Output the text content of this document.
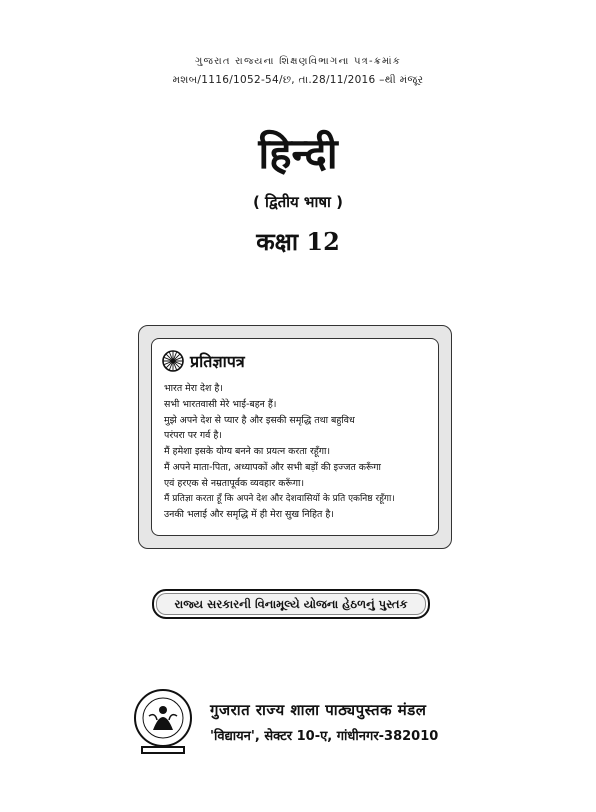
ગુજરાત રાજ્યના શિક્ષણવિભાગના પત્ર-ક્રમાંક
મશબ/1116/1052-54/છ, તા.28/11/2016 –થી મંજૂર
हिन्दी
( द्वितीय भाषा )
कक्षा 12
प्रतिज्ञापत्र
भारत मेरा देश है।
सभी भारतवासी मेरे भाई-बहन हैं।
मुझे अपने देश से प्यार है और इसकी समृद्धि तथा बहुविध
परंपरा पर गर्व है।
मैं हमेशा इसके योग्य बनने का प्रयत्न करता रहूँगा।
मैं अपने माता-पिता, अध्यापकों और सभी बड़ों की इज्जत करूँगा
एवं हरएक से नम्रतापूर्वक व्यवहार करूँगा।
मैं प्रतिज्ञा करता हूँ कि अपने देश और देशवासियों के प्रति एकनिष्ठ रहूँगा।
उनकी भलाई और समृद्धि में ही मेरा सुख निहित है।
રાજ્ય સરકારની વિનામૂલ્યે યોજના હેઠળનું પુસ્તક
गुजरात राज्य शाला पाठ्यपुस्तक मंडल
'विद्यायन', सेक्टर 10-ए, गांधीनगर-382010
